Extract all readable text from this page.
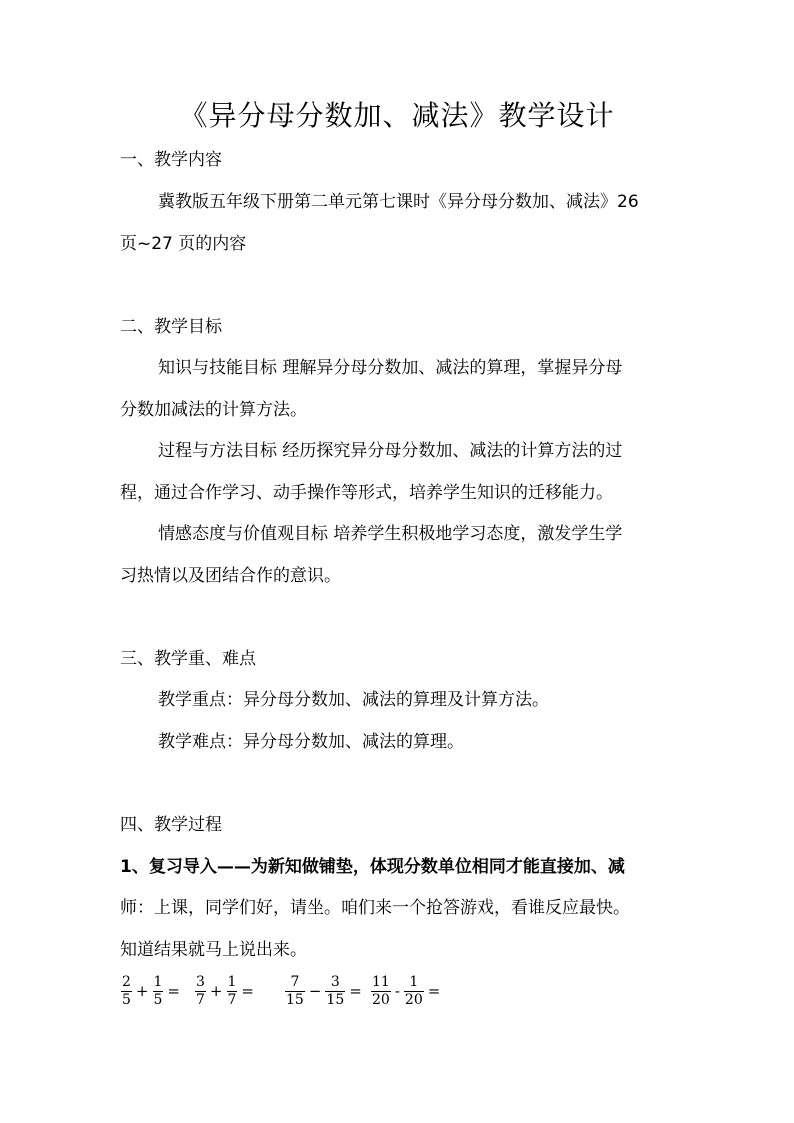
《异分母分数加、减法》教学设计
一、教学内容
冀教版五年级下册第二单元第七课时《异分母分数加、减法》26
页~27 页的内容
二、教学目标
知识与技能目标 理解异分母分数加、减法的算理，掌握异分母
分数加减法的计算方法。
过程与方法目标 经历探究异分母分数加、减法的计算方法的过
程，通过合作学习、动手操作等形式，培养学生知识的迁移能力。
情感态度与价值观目标 培养学生积极地学习态度，激发学生学
习热情以及团结合作的意识。
三、教学重、难点
教学重点：异分母分数加、减法的算理及计算方法。
教学难点：异分母分数加、减法的算理。
四、教学过程
1、复习导入——为新知做铺垫，体现分数单位相同才能直接加、减
师：上课，同学们好，请坐。咱们来一个抢答游戏，看谁反应最快。
知道结果就马上说出来。
$\frac{2}{5} + \frac{1}{5} = \frac{3}{7} + \frac{1}{7} = \frac{7}{15} - \frac{3}{15} = \frac{11}{20} - \frac{1}{20}$ =
